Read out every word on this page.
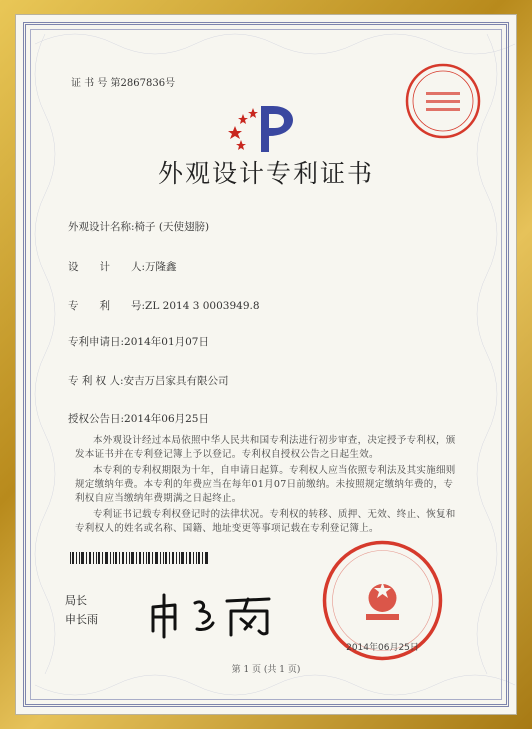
证 书 号 第2867836号
外观设计专利证书
外观设计名称:椅子 (天使翅膀)
设　　计　　人:万隆鑫
专　　利　　号:ZL 2014 3 0003949.8
专利申请日:2014年01月07日
专 利 权 人:安吉万吕家具有限公司
授权公告日:2014年06月25日
本外观设计经过本局依照中华人民共和国专利法进行初步审查，决定授予专利权，颁发本证书并在专利登记簿上予以登记。专利权自授权公告之日起生效。
本专利的专利权期限为十年，自申请日起算。专利权人应当依照专利法及其实施细则规定缴纳年费。本专利的年费应当在每年01月07日前缴纳。未按照规定缴纳年费的，专利权自应当缴纳年费期满之日起终止。
专利证书记载专利权登记时的法律状况。专利权的转移、质押、无效、终止、恢复和专利权人的姓名或名称、国籍、地址变更等事项记载在专利登记簿上。
局长
申长雨
2014年06月25日
第 1 页 (共 1 页)
